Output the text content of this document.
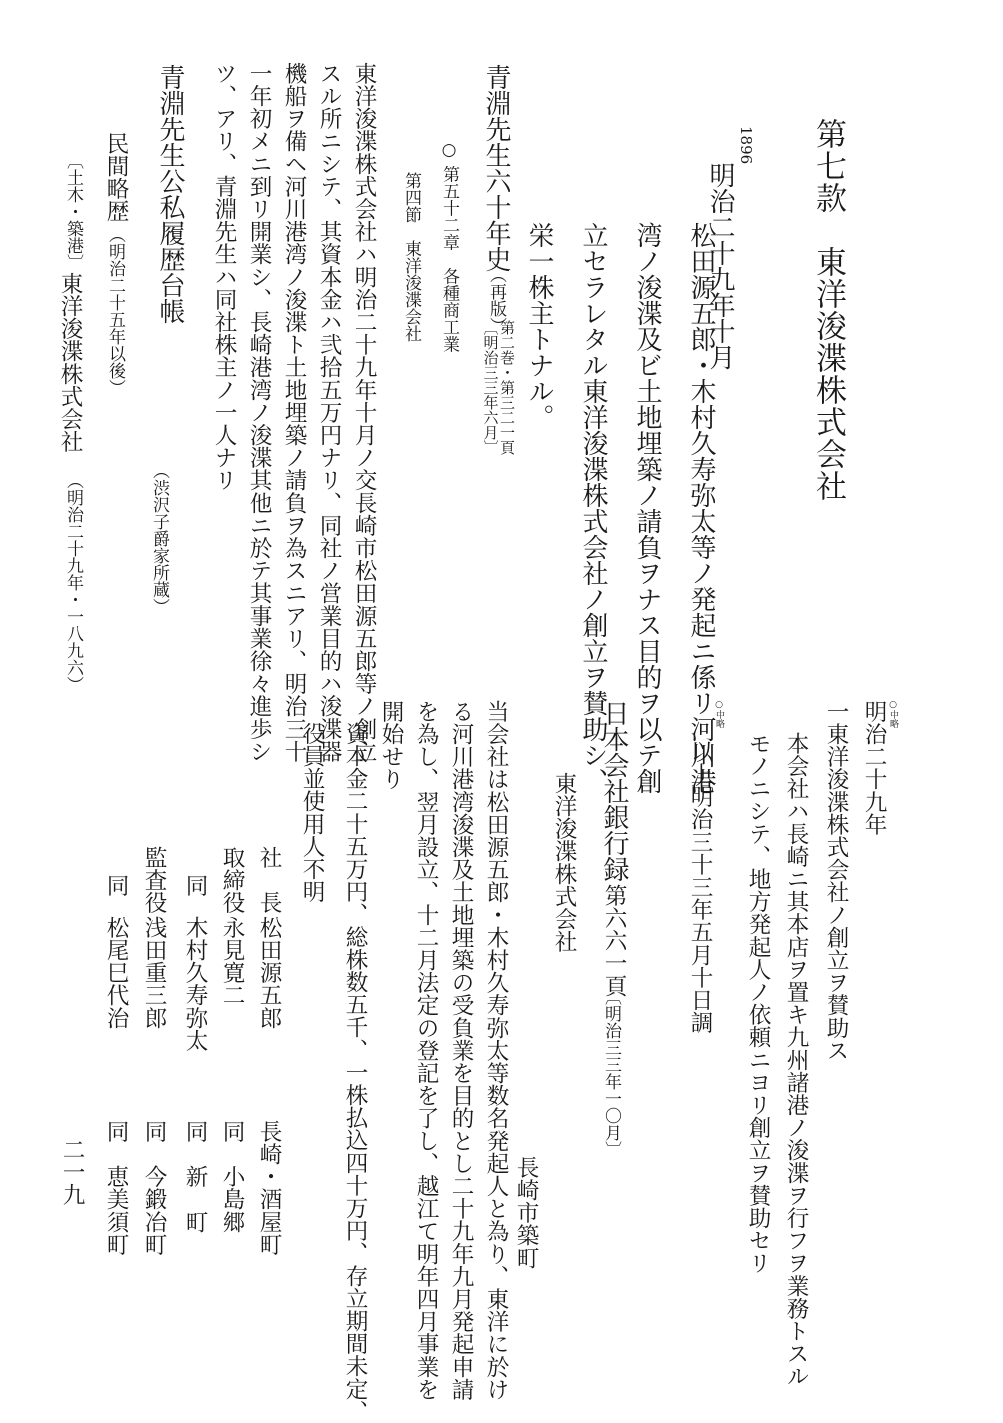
第七款　東洋浚渫株式会社
1896
明治二十九年十月
松田源五郎・木村久寿弥太等ノ発起ニ係リ河川港
湾ノ浚渫及ビ土地埋築ノ請負ヲナス目的ヲ以テ創
立セラレタル東洋浚渫株式会社ノ創立ヲ賛助シ、
栄一株主トナル。
青淵先生六十年史
（再版）
第二巻・第三二一頁
〔明治三三年六月〕
○ 第五十二章　各種商工業
第四節　東洋浚渫会社
東洋浚渫株式会社ハ明治二十九年十月ノ交長崎市松田源五郎等ノ創立
スル所ニシテ、其資本金ハ弐拾五万円ナリ、同社ノ営業目的ハ浚渫器
機船ヲ備ヘ河川港湾ノ浚渫ト土地埋築ノ請負ヲ為スニアリ、明治三十
一年初メニ到リ開業シ、長崎港湾ノ浚渫其他ニ於テ其事業徐々進歩シ
ツ、アリ、青淵先生ハ同社株主ノ一人ナリ
青淵先生公私履歴台帳
（渋沢子爵家所蔵）
民間略歴
（明治二十五年以後）
〔土木・築港〕
東洋浚渫株式会社
（明治二十九年・一八九六）
○中略
明治二十九年
一東洋浚渫株式会社ノ創立ヲ賛助ス
本会社ハ長崎ニ其本店ヲ置キ九州諸港ノ浚渫ヲ行フヲ業務トスル
モノニシテ、地方発起人ノ依頼ニヨリ創立ヲ賛助セリ
○中略
以上明治三十三年五月十日調
日本会社銀行録
第六六一頁
〔明治三三年一〇月〕
東洋浚渫株式会社
長崎市築町
当会社は松田源五郎・木村久寿弥太等数名発起人と為り、東洋に於け
る河川港湾浚渫及土地埋築の受負業を目的とし二十九年九月発起申請
を為し、翌月設立、十二月法定の登記を了し、越江て明年四月事業を
開始せり
資本金二十五万円、総株数五千、一株払込四十万円、存立期間未定、
役員並使用人不明
社　長
松田源五郎
長崎・酒屋町
取締役
永見寛二
同　小島郷
同
木村久寿弥太
同　新　町
監査役
浅田重三郎
同　今鍛冶町
同
松尾巳代治
同　恵美須町
二一九
